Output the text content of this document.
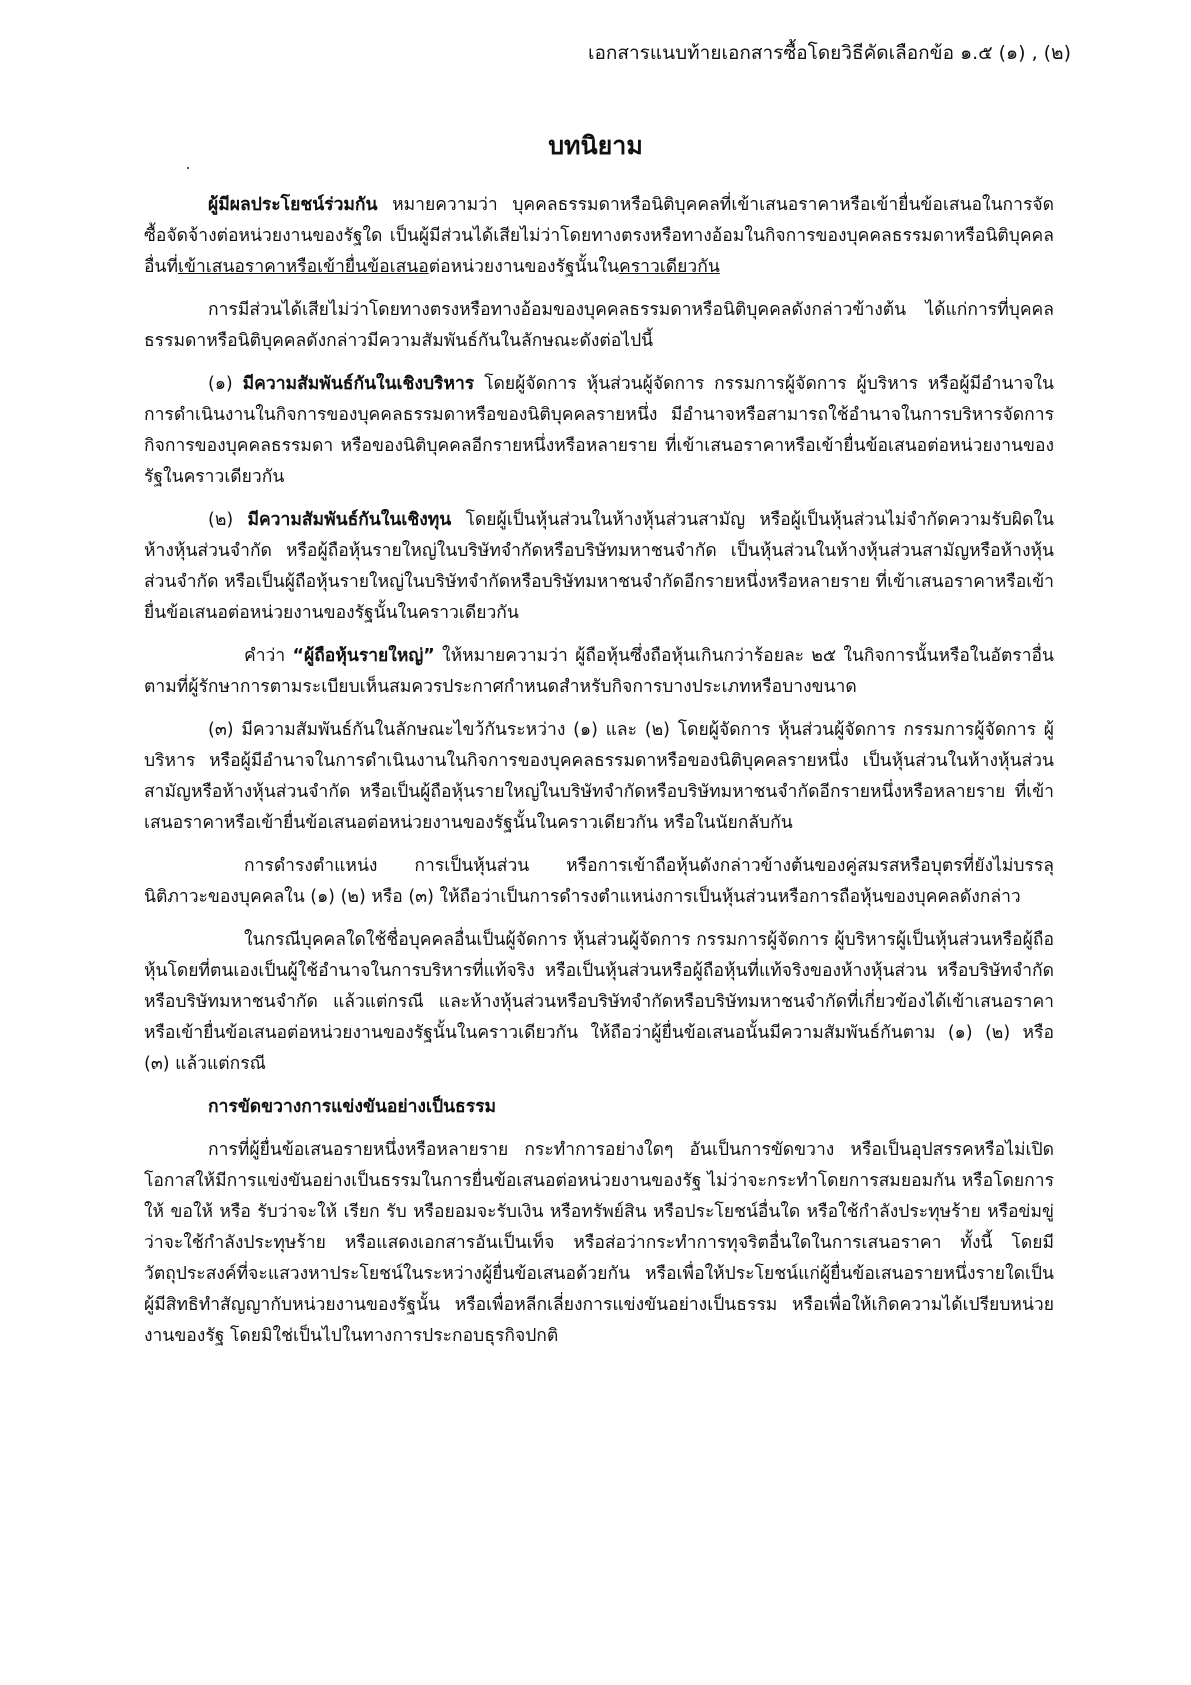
เอกสารแนบท้ายเอกสารซื้อโดยวิธีคัดเลือกข้อ ๑.๕ (๑) , (๒)
บทนิยาม

ผู้มีผลประโยชน์ร่วมกัน หมายความว่า บุคคลธรรมดาหรือนิติบุคคลที่เข้าเสนอราคาหรือเข้ายื่นข้อเสนอในการจัดซื้อจัดจ้างต่อหน่วยงานของรัฐใด เป็นผู้มีส่วนได้เสียไม่ว่าโดยทางตรงหรือทางอ้อมในกิจการของบุคคลธรรมดาหรือนิติบุคคลอื่นที่เข้าเสนอราคาหรือเข้ายื่นข้อเสนอต่อหน่วยงานของรัฐนั้นในคราวเดียวกัน

การมีส่วนได้เสียไม่ว่าโดยทางตรงหรือทางอ้อมของบุคคลธรรมดาหรือนิติบุคคลดังกล่าวข้างต้น ได้แก่การที่บุคคลธรรมดาหรือนิติบุคคลดังกล่าวมีความสัมพันธ์กันในลักษณะดังต่อไปนี้

(๑) มีความสัมพันธ์กันในเชิงบริหาร โดยผู้จัดการ หุ้นส่วนผู้จัดการ กรรมการผู้จัดการ ผู้บริหาร หรือผู้มีอำนาจในการดำเนินงานในกิจการของบุคคลธรรมดาหรือของนิติบุคคลรายหนึ่ง มีอำนาจหรือสามารถใช้อำนาจในการบริหารจัดการกิจการของบุคคลธรรมดา หรือของนิติบุคคลอีกรายหนึ่งหรือหลายราย ที่เข้าเสนอราคาหรือเข้ายื่นข้อเสนอต่อหน่วยงานของรัฐในคราวเดียวกัน

(๒) มีความสัมพันธ์กันในเชิงทุน โดยผู้เป็นหุ้นส่วนในห้างหุ้นส่วนสามัญ หรือผู้เป็นหุ้นส่วนไม่จำกัดความรับผิดในห้างหุ้นส่วนจำกัด หรือผู้ถือหุ้นรายใหญ่ในบริษัทจำกัดหรือบริษัทมหาชนจำกัด เป็นหุ้นส่วนในห้างหุ้นส่วนสามัญหรือห้างหุ้นส่วนจำกัด หรือเป็นผู้ถือหุ้นรายใหญ่ในบริษัทจำกัดหรือบริษัทมหาชนจำกัดอีกรายหนึ่งหรือหลายราย ที่เข้าเสนอราคาหรือเข้ายื่นข้อเสนอต่อหน่วยงานของรัฐนั้นในคราวเดียวกัน

คำว่า “ผู้ถือหุ้นรายใหญ่” ให้หมายความว่า ผู้ถือหุ้นซึ่งถือหุ้นเกินกว่าร้อยละ ๒๕ ในกิจการนั้นหรือในอัตราอื่นตามที่ผู้รักษาการตามระเบียบเห็นสมควรประกาศกำหนดสำหรับกิจการบางประเภทหรือบางขนาด

(๓) มีความสัมพันธ์กันในลักษณะไขว้กันระหว่าง (๑) และ (๒) โดยผู้จัดการ หุ้นส่วนผู้จัดการ กรรมการผู้จัดการ ผู้บริหาร หรือผู้มีอำนาจในการดำเนินงานในกิจการของบุคคลธรรมดาหรือของนิติบุคคลรายหนึ่ง เป็นหุ้นส่วนในห้างหุ้นส่วนสามัญหรือห้างหุ้นส่วนจำกัด หรือเป็นผู้ถือหุ้นรายใหญ่ในบริษัทจำกัดหรือบริษัทมหาชนจำกัดอีกรายหนึ่งหรือหลายราย ที่เข้าเสนอราคาหรือเข้ายื่นข้อเสนอต่อหน่วยงานของรัฐนั้นในคราวเดียวกัน หรือในนัยกลับกัน

การดำรงตำแหน่ง การเป็นหุ้นส่วน หรือการเข้าถือหุ้นดังกล่าวข้างต้นของคู่สมรสหรือบุตรที่ยังไม่บรรลุนิติภาวะของบุคคลใน (๑) (๒) หรือ (๓) ให้ถือว่าเป็นการดำรงตำแหน่งการเป็นหุ้นส่วนหรือการถือหุ้นของบุคคลดังกล่าว

ในกรณีบุคคลใดใช้ชื่อบุคคลอื่นเป็นผู้จัดการ หุ้นส่วนผู้จัดการ กรรมการผู้จัดการ ผู้บริหารผู้เป็นหุ้นส่วนหรือผู้ถือหุ้นโดยที่ตนเองเป็นผู้ใช้อำนาจในการบริหารที่แท้จริง หรือเป็นหุ้นส่วนหรือผู้ถือหุ้นที่แท้จริงของห้างหุ้นส่วน หรือบริษัทจำกัด หรือบริษัทมหาชนจำกัด แล้วแต่กรณี และห้างหุ้นส่วนหรือบริษัทจำกัดหรือบริษัทมหาชนจำกัดที่เกี่ยวข้องได้เข้าเสนอราคาหรือเข้ายื่นข้อเสนอต่อหน่วยงานของรัฐนั้นในคราวเดียวกัน ให้ถือว่าผู้ยื่นข้อเสนอนั้นมีความสัมพันธ์กันตาม (๑) (๒) หรือ (๓) แล้วแต่กรณี

การขัดขวางการแข่งขันอย่างเป็นธรรม

การที่ผู้ยื่นข้อเสนอรายหนึ่งหรือหลายราย กระทำการอย่างใดๆ อันเป็นการขัดขวาง หรือเป็นอุปสรรคหรือไม่เปิดโอกาสให้มีการแข่งขันอย่างเป็นธรรมในการยื่นข้อเสนอต่อหน่วยงานของรัฐ ไม่ว่าจะกระทำโดยการสมยอมกัน หรือโดยการให้ ขอให้ หรือ รับว่าจะให้ เรียก รับ หรือยอมจะรับเงิน หรือทรัพย์สิน หรือประโยชน์อื่นใด หรือใช้กำลังประทุษร้าย หรือข่มขู่ ว่าจะใช้กำลังประทุษร้าย หรือแสดงเอกสารอันเป็นเท็จ หรือส่อว่ากระทำการทุจริตอื่นใดในการเสนอราคา ทั้งนี้ โดยมีวัตถุประสงค์ที่จะแสวงหาประโยชน์ในระหว่างผู้ยื่นข้อเสนอด้วยกัน หรือเพื่อให้ประโยชน์แก่ผู้ยื่นข้อเสนอรายหนึ่งรายใดเป็นผู้มีสิทธิทำสัญญากับหน่วยงานของรัฐนั้น หรือเพื่อหลีกเลี่ยงการแข่งขันอย่างเป็นธรรม หรือเพื่อให้เกิดความได้เปรียบหน่วยงานของรัฐ โดยมิใช่เป็นไปในทางการประกอบธุรกิจปกติ
